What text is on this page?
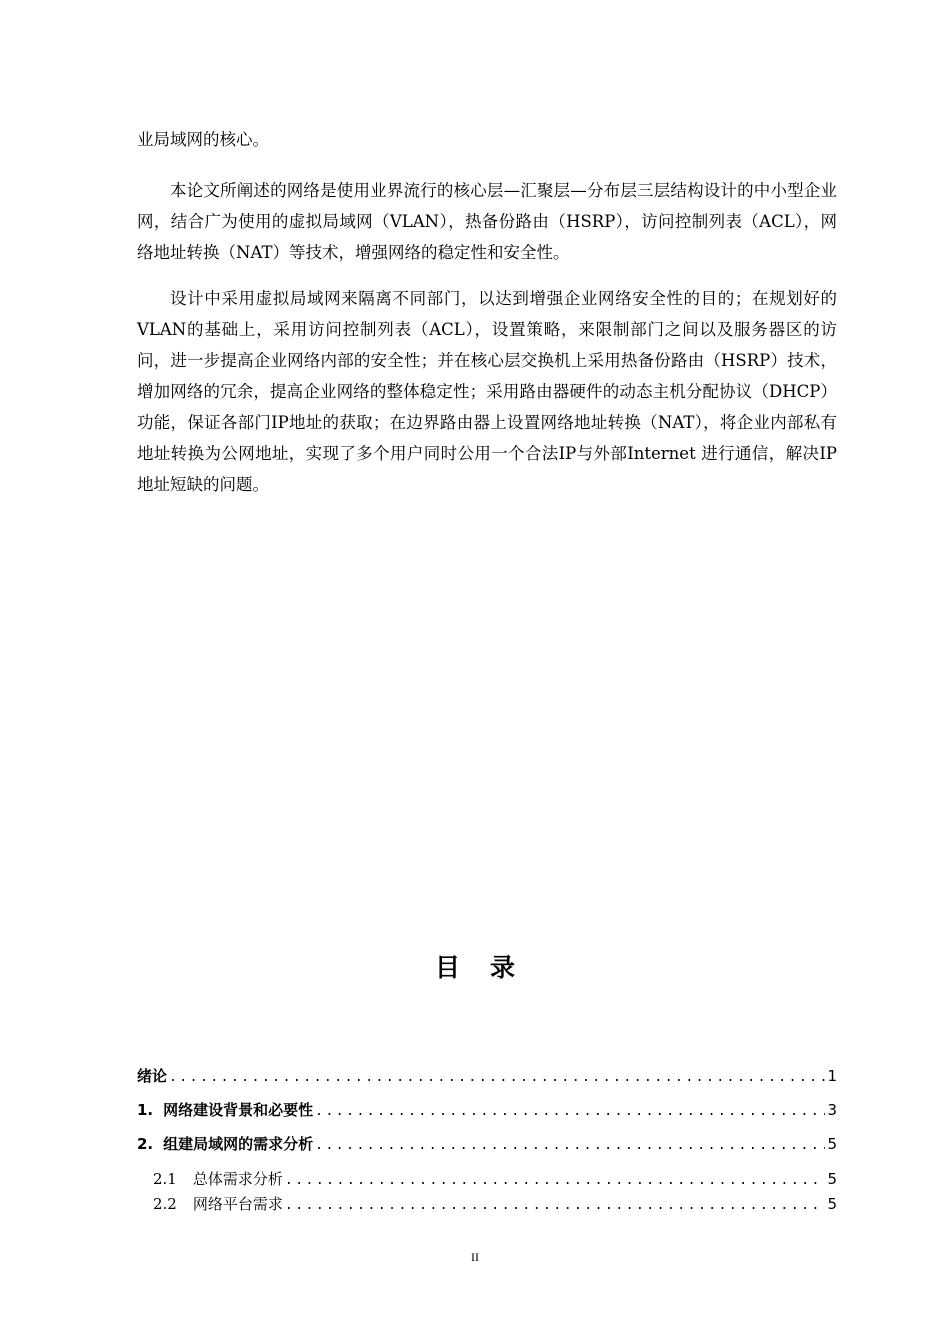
业局域网的核心。

本论文所阐述的网络是使用业界流行的核心层—汇聚层—分布层三层结构设计的中小型企业网，结合广为使用的虚拟局域网（VLAN），热备份路由（HSRP），访问控制列表（ACL），网络地址转换（NAT）等技术，增强网络的稳定性和安全性。

设计中采用虚拟局域网来隔离不同部门，以达到增强企业网络安全性的目的；在规划好的VLAN的基础上，采用访问控制列表（ACL），设置策略，来限制部门之间以及服务器区的访问，进一步提高企业网络内部的安全性；并在核心层交换机上采用热备份路由（HSRP）技术，增加网络的冗余，提高企业网络的整体稳定性；采用路由器硬件的动态主机分配协议（DHCP）功能，保证各部门IP地址的获取；在边界路由器上设置网络地址转换（NAT），将企业内部私有地址转换为公网地址，实现了多个用户同时公用一个合法IP与外部Internet 进行通信，解决IP地址短缺的问题。

目录
绪论 .....	1
1. 网络建设背景和必要性 .....	3
2. 组建局域网的需求分析 .....	5
2.1 总体需求分析 .....	5
2.2 网络平台需求 .....	5
II
